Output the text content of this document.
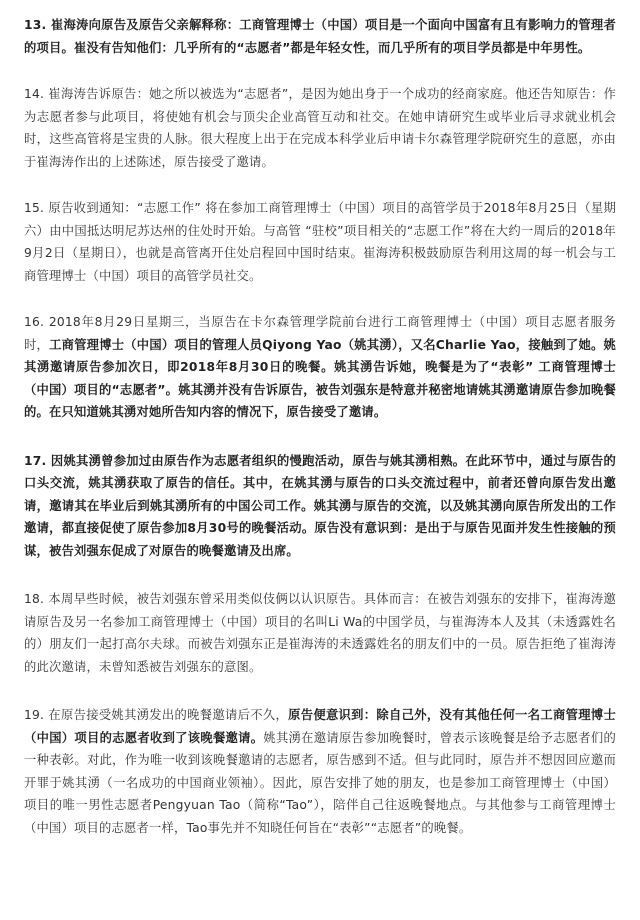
13. 崔海涛向原告及原告父亲解释称：工商管理博士（中国）项目是一个面向中国富有且有影响力的管理者的项目。崔没有告知他们：几乎所有的“志愿者”都是年轻女性，而几乎所有的项目学员都是中年男性。

14. 崔海涛告诉原告：她之所以被选为“志愿者”，是因为她出身于一个成功的经商家庭。他还告知原告：作为志愿者参与此项目，将使她有机会与顶尖企业高管互动和社交。在她申请研究生或毕业后寻求就业机会时，这些高管将是宝贵的人脉。很大程度上出于在完成本科学业后申请卡尔森管理学院研究生的意愿，亦由于崔海涛作出的上述陈述，原告接受了邀请。

15. 原告收到通知：“志愿工作” 将在参加工商管理博士（中国）项目的高管学员于2018年8月25日（星期六）由中国抵达明尼苏达州的住处时开始。与高管 “驻校”项目相关的“志愿工作”将在大约一周后的2018年9月2日（星期日），也就是高管离开住处启程回中国时结束。崔海涛积极鼓励原告利用这周的每一机会与工商管理博士（中国）项目的高管学员社交。

16. 2018年8月29日星期三，当原告在卡尔森管理学院前台进行工商管理博士（中国）项目志愿者服务时，工商管理博士（中国）项目的管理人员Qiyong Yao（姚其湧），又名Charlie Yao，接触到了她。姚其湧邀请原告参加次日，即2018年8月30日的晚餐。姚其湧告诉她，晚餐是为了“表彰” 工商管理博士（中国）项目的“志愿者”。姚其湧并没有告诉原告，被告刘强东是特意并秘密地请姚其湧邀请原告参加晚餐的。在只知道姚其湧对她所告知内容的情况下，原告接受了邀请。

17. 因姚其湧曾参加过由原告作为志愿者组织的慢跑活动，原告与姚其湧相熟。在此环节中，通过与原告的口头交流，姚其湧获取了原告的信任。其中，在姚其湧与原告的口头交流过程中，前者还曾向原告发出邀请，邀请其在毕业后到姚其湧所有的中国公司工作。姚其湧与原告的交流，以及姚其湧向原告所发出的工作邀请，都直接促使了原告参加8月30号的晚餐活动。原告没有意识到：是出于与原告见面并发生性接触的预谋，被告刘强东促成了对原告的晚餐邀请及出席。

18. 本周早些时候，被告刘强东曾采用类似伎俩以认识原告。具体而言：在被告刘强东的安排下，崔海涛邀请原告及另一名参加工商管理博士（中国）项目的名叫Li Wa的中国学员，与崔海涛本人及其（未透露姓名的）朋友们一起打高尔夫球。而被告刘强东正是崔海涛的未透露姓名的朋友们中的一员。原告拒绝了崔海涛的此次邀请，未曾知悉被告刘强东的意图。

19. 在原告接受姚其湧发出的晚餐邀请后不久，原告便意识到：除自己外，没有其他任何一名工商管理博士（中国）项目的志愿者收到了该晚餐邀请。姚其湧在邀请原告参加晚餐时，曾表示该晚餐是给予志愿者们的一种表彰。对此，作为唯一收到该晚餐邀请的志愿者，原告感到不适。但与此同时，原告并不想因回应邀而开罪于姚其湧（一名成功的中国商业领袖）。因此，原告安排了她的朋友，也是参加工商管理博士（中国）项目的唯一男性志愿者Pengyuan Tao（简称“Tao”），陪伴自己往返晚餐地点。与其他参与工商管理博士（中国）项目的志愿者一样，Tao事先并不知晓任何旨在“表彰”“志愿者”的晚餐。
